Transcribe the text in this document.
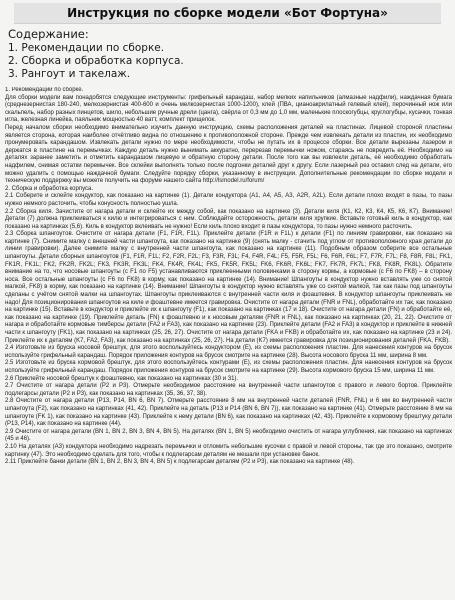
Инструкция по сборке модели «Бот Фортуна»
Содержание:
1. Рекомендации по сборке.
2. Сборка и обработка корпуса.
3. Рангоут и такелаж.

1. Рекомендации по сборке.

Для сборки модели вам понадобятся следующие инструменты: грифельный карандаш, набор мелких напильников (алмазные надфили), наждачная бумага (среднезернистая 180-240, мелкозернистая 400-600 и очень мелкозернистая 1000-1200), клей (ПВА, цианоакрилатный гелевый клей), перочинный нож или скальпель, набор разных пинцетов, шило, небольшие ручные дрели (цанга), свёрла от 0,3 мм до 1,0 мм, маленькие плоскогубцы, круглогубцы, кусачки, тонкая игла, железная линейка, паяльник мощностью 40 ватт, комплект прищепок.

Перед началом сборки необходимо внимательно изучить данную инструкцию, схемы расположения деталей на пластинах. Лицевой стороной пластины является сторона, которая наиболее отчётливо видна по отношению к противоположной стороне. Прежде чем извлекать детали из пластин, их необходимо пронумеровать карандашом. Извлекать детали нужно по мере необходимости, чтобы не путать их в процессе сборки. Все детали вырезаны лазером и держатся в пластине на перемычках. Каждую деталь нужно вынимать аккуратно, перерезав перемычки ножом, стараясь не повредить её. Необходимо на деталях заранее заметить и отметить карандашом лицевую и обратную сторону детали. После того как вы извлекли деталь, её необходимо обработать надфилем, снимая остатки перемычек. Все склейки выполнять только после подгонки деталей друг к другу. Если лазерный рез оставил след на детали, его можно удалить с помощью наждачной бумаги. Следуйте порядку сборки, указанному в инструкции. Дополнительные рекомендации по сборке модели и техническую поддержку вы можете получить на форуме нашего сайта http://lsmodel.ru/forum/

2. Сборка и обработка корпуса.

2.1 Соберите и склейте кондуктор, как показано на картинке (1). Детали кондуктора (А1, А4, А5, А3, А2R, А2L). Если детали плохо входят в пазы, то пазы нужно немного расточить, чтобы конусность полностью ушла.

2.2 Сборка киля. Зачистите от нагара детали и склейте их между собой, как показано на картинке (3). Детали киля (К1, К2, К3, К4, К5, К6, К7). Внимание! Детали (7) должна приклеиваться к килю и интегрироваться с ним. Соблюдайте осторожность, детали киля хрупкие. Вставьте готовый киль в кондуктор, как показано на картинках (5,6). Киль в кондуктор вклеивать не нужно! Если киль плохо входит в пазы кондуктора, то пазы нужно немного расточить.

2.3 Сборка шпангоутов. Очистите от нагара детали (F1, F1R, F1L). Приклейте детали (F1R и F1L) к детали (F1) по линиям гравировки, как показано на картинке (7). Снимите малку с внешней части шпангоута, как показано на картинке (9) (снять малку - стачить под углом от противоположного края детали до линии гравировки). Далее снимите малку с внутренней части шпангоута, как показано на картинке (11). Подобным образом соберите все остальные шпангоуты. Детали сборных шпангоутов (F1, F1R, F1L; F2, F2R, F2L; F3, F3R, F3L; F4, F4R, F4L; F5, F5R, F5L; F6, F6R, F6L; F7, F7R, F7L; F8, F8R, F8L; FK1, FK1R, FK1L; FK2, FK2R, FK2L; FK3, FK3R, FK3L; FK4, FK4R, FK4L; FK5, FK5R, FK5L; FK6, FK6R, FK6L; FK7, FK7R, FK7L; FK8, FK8R, FK8L). Обратите внимание на то, что носовые шпангоуты (с F1 по F5) устанавливаются приклеенными половинками в сторону кормы, а кормовые (с F6 по FK8) – в сторону носа. Все остальные шпангоуты (с F6 по FK8) в корму, как показано на картинке (14). Внимание! Шпангоуты в кондуктор нужно вставлять уже со снятой малкой, FK8) в корму, как показано на картинке (14). Внимание! Шпангоуты в кондуктор нужно вставлять уже со снятой малкой, так как пазы под шпангоуты сделаны с учётом снятой малки на шпангоутах. Шпангоуты приклеиваются с внутренней части киля и фоаштевня. В кондуктор шпангоуты приклеивать не надо! Для позиционирования шпангоутов на киле и фоаштевне имеется гравировка. Очистите от нагара детали (FNR и FNL), обработайте их так, как показано на картинке (15). Вставьте в кондуктор и приклейте их к шпангоуту (F1), как показано на картинках (17 и 18). Очистите от нагара детали (FN) и обработайте её, как показано на картинке (19). Приклейте деталь (FN) к фоаштевню и к носовым деталям (FNR и FNL), как показано на картинках (20, 21, 22). Очистите от нагара и обработайте кормовые тимберсы детали (FA2 и FA3), как показано на картинке (23). Приклейте детали (FA2 и FA3) в кондуктор и приклейте в нижней части к шпангоуту (FK1), как показано на картинках (25, 26, 27). Очистите от нагара детали (FKA и FKB) и обработайте их, как показано на картинке (23 и 24). Приклейте их к деталям (K7, FA2, FA3), как показано на картинках (25, 26, 27). На детали (K7) имеется гравировка для позиционирования деталей (FKA, FKB).

2.4 Изготовьте из бруска носовой брештук, для этого воспользуйтесь кондуктором (E), из схемы расположения пластин. Для нанесения контуров на брусок используйте грифельный карандаш. Порядок приложения контуров на брусок смотрите на картинке (28). Высота носового бруска 11 мм, ширина 8 мм.

2.5 Изготовьте из бруска кормовой брештук, для этого воспользуйтесь контурами (E), из схемы расположения пластин. Для нанесения контуров на брусок используйте грифельный карандаш. Порядок приложения контуров на брусок смотрите на картинке (29). Высота кормового бруска 15 мм, ширина 11 мм.

2.6 Приклейте носовой брештук к фоаштевню, как показано на картинках (30 и 31).

2.7 Очистите от нагара детали (P2 и P3). Отмерьте необходимое расстояние на внутренней части шпангоутов с правого и левого бортов. Приклейте подлегарсы детали (P2 и P3), как показано на картинках (35, 36, 37, 38).

2.8 Очистите от нагара детали (P13, P14, BN 6, BN 7). Отмерьте расстояние 8 мм на внутренней части деталей (FNR, FNL) и 6 мм во внутренней части шпангоута (F2), как показано на картинках (41, 42). Приклейте на деталь (P13 и P14 (BN 6, BN 7)), как показано на картинке (41). Отмерьте расстояние 8 мм на шпангоуте (FK 1), как показано на картинке (43). Приклейте к нему детали (BN 6), как показано на картинках (42, 43). Приклейте к кормовому брештуку детали (P13, P14), как показано на картинке (44).

2.9 Очистите от нагара детали (BN 1, BN 2, BN 3, BN 4, BN 5). На деталях (BN 1, BN 5) необходимо очистить от нагара углубления, как показано на картинках (45 и 46).

2.10 На деталях (A3) кондуктора необходимо надрезать перемычки и отломить небольшие кусочки с правой и левой стороны, так где это показано, смотрите картинку (47). Это необходимо сделать для того, чтобы к подлегарсам деталям не мешали при установке банок.

2.11 Приклейте банки детали (BN 1, BN 2, BN 3, BN 4, BN 5) к подлегарсам деталям (P2 и P3), как показано на картинке (48).
